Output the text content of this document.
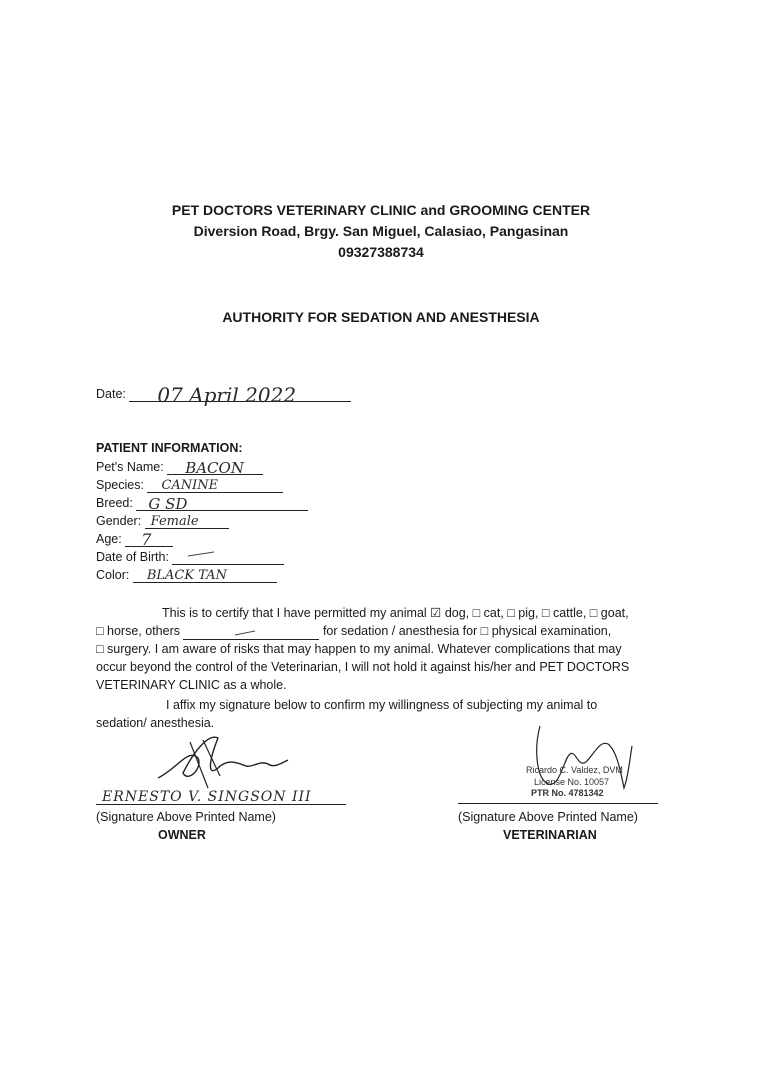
PET DOCTORS VETERINARY CLINIC and GROOMING CENTER
Diversion Road, Brgy. San Miguel, Calasiao, Pangasinan
09327388734
AUTHORITY FOR SEDATION AND ANESTHESIA
Date: 07 April 2022
PATIENT INFORMATION:
Pet's Name: BACON
Species: CANINE
Breed: G SD
Gender: Female
Age: 7
Date of Birth:
Color: BLACK TAN
This is to certify that I have permitted my animal ☑ dog, □ cat, □ pig, □ cattle, □ goat,
□ horse, others	for sedation / anesthesia for □ physical examination,
□ surgery. I am aware of risks that may happen to my animal. Whatever complications that may
occur beyond the control of the Veterinarian, I will not hold it against his/her and PET DOCTORS
VETERINARY CLINIC as a whole.
I affix my signature below to confirm my willingness of subjecting my animal to
sedation/ anesthesia.
ERNESTO V. SINGSON III
(Signature Above Printed Name)
OWNER
Ricardo C. Valdez, DVM
License No. 10057
PTR No. 4781342
(Signature Above Printed Name)
VETERINARIAN
